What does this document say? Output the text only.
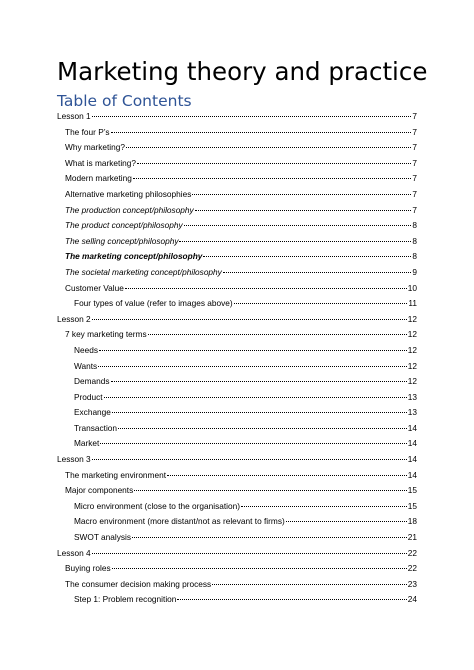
Marketing theory and practice
Table of Contents
Lesson 1	7
The four P’s	7
Why marketing?	7
What is marketing?	7
Modern marketing	7
Alternative marketing philosophies	7
The production concept/philosophy	7
The product concept/philosophy	8
The selling concept/philosophy	8
The marketing concept/philosophy	8
The societal marketing concept/philosophy	9
Customer Value	10
Four types of value (refer to images above)	11
Lesson 2	12
7 key marketing terms	12
Needs	12
Wants	12
Demands	12
Product	13
Exchange	13
Transaction	14
Market	14
Lesson 3	14
The marketing environment	14
Major components	15
Micro environment (close to the organisation)	15
Macro environment (more distant/not as relevant to firms)	18
SWOT analysis	21
Lesson 4	22
Buying roles	22
The consumer decision making process	23
Step 1: Problem recognition	24
